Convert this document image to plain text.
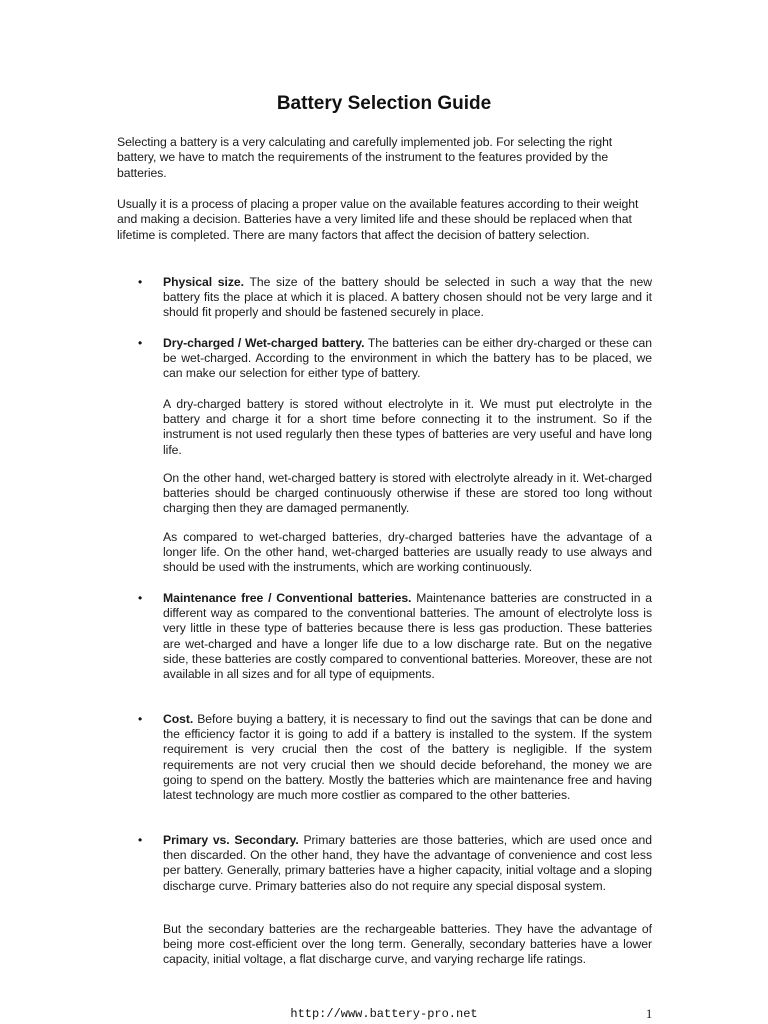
Battery Selection Guide

Selecting a battery is a very calculating and carefully implemented job. For selecting the right battery, we have to match the requirements of the instrument to the features provided by the batteries.

Usually it is a process of placing a proper value on the available features according to their weight and making a decision. Batteries have a very limited life and these should be replaced when that lifetime is completed. There are many factors that affect the decision of battery selection.

• Physical size. The size of the battery should be selected in such a way that the new battery fits the place at which it is placed. A battery chosen should not be very large and it should fit properly and should be fastened securely in place.

• Dry-charged / Wet-charged battery. The batteries can be either dry-charged or these can be wet-charged. According to the environment in which the battery has to be placed, we can make our selection for either type of battery.

A dry-charged battery is stored without electrolyte in it. We must put electrolyte in the battery and charge it for a short time before connecting it to the instrument. So if the instrument is not used regularly then these types of batteries are very useful and have long life.

On the other hand, wet-charged battery is stored with electrolyte already in it. Wet-charged batteries should be charged continuously otherwise if these are stored too long without charging then they are damaged permanently.

As compared to wet-charged batteries, dry-charged batteries have the advantage of a longer life. On the other hand, wet-charged batteries are usually ready to use always and should be used with the instruments, which are working continuously.

• Maintenance free / Conventional batteries. Maintenance batteries are constructed in a different way as compared to the conventional batteries. The amount of electrolyte loss is very little in these type of batteries because there is less gas production. These batteries are wet-charged and have a longer life due to a low discharge rate. But on the negative side, these batteries are costly compared to conventional batteries. Moreover, these are not available in all sizes and for all type of equipments.

• Cost. Before buying a battery, it is necessary to find out the savings that can be done and the efficiency factor it is going to add if a battery is installed to the system. If the system requirement is very crucial then the cost of the battery is negligible. If the system requirements are not very crucial then we should decide beforehand, the money we are going to spend on the battery. Mostly the batteries which are maintenance free and having latest technology are much more costlier as compared to the other batteries.

• Primary vs. Secondary. Primary batteries are those batteries, which are used once and then discarded. On the other hand, they have the advantage of convenience and cost less per battery. Generally, primary batteries have a higher capacity, initial voltage and a sloping discharge curve. Primary batteries also do not require any special disposal system.

But the secondary batteries are the rechargeable batteries. They have the advantage of being more cost-efficient over the long term. Generally, secondary batteries have a lower capacity, initial voltage, a flat discharge curve, and varying recharge life ratings.

http://www.battery-pro.net	1
